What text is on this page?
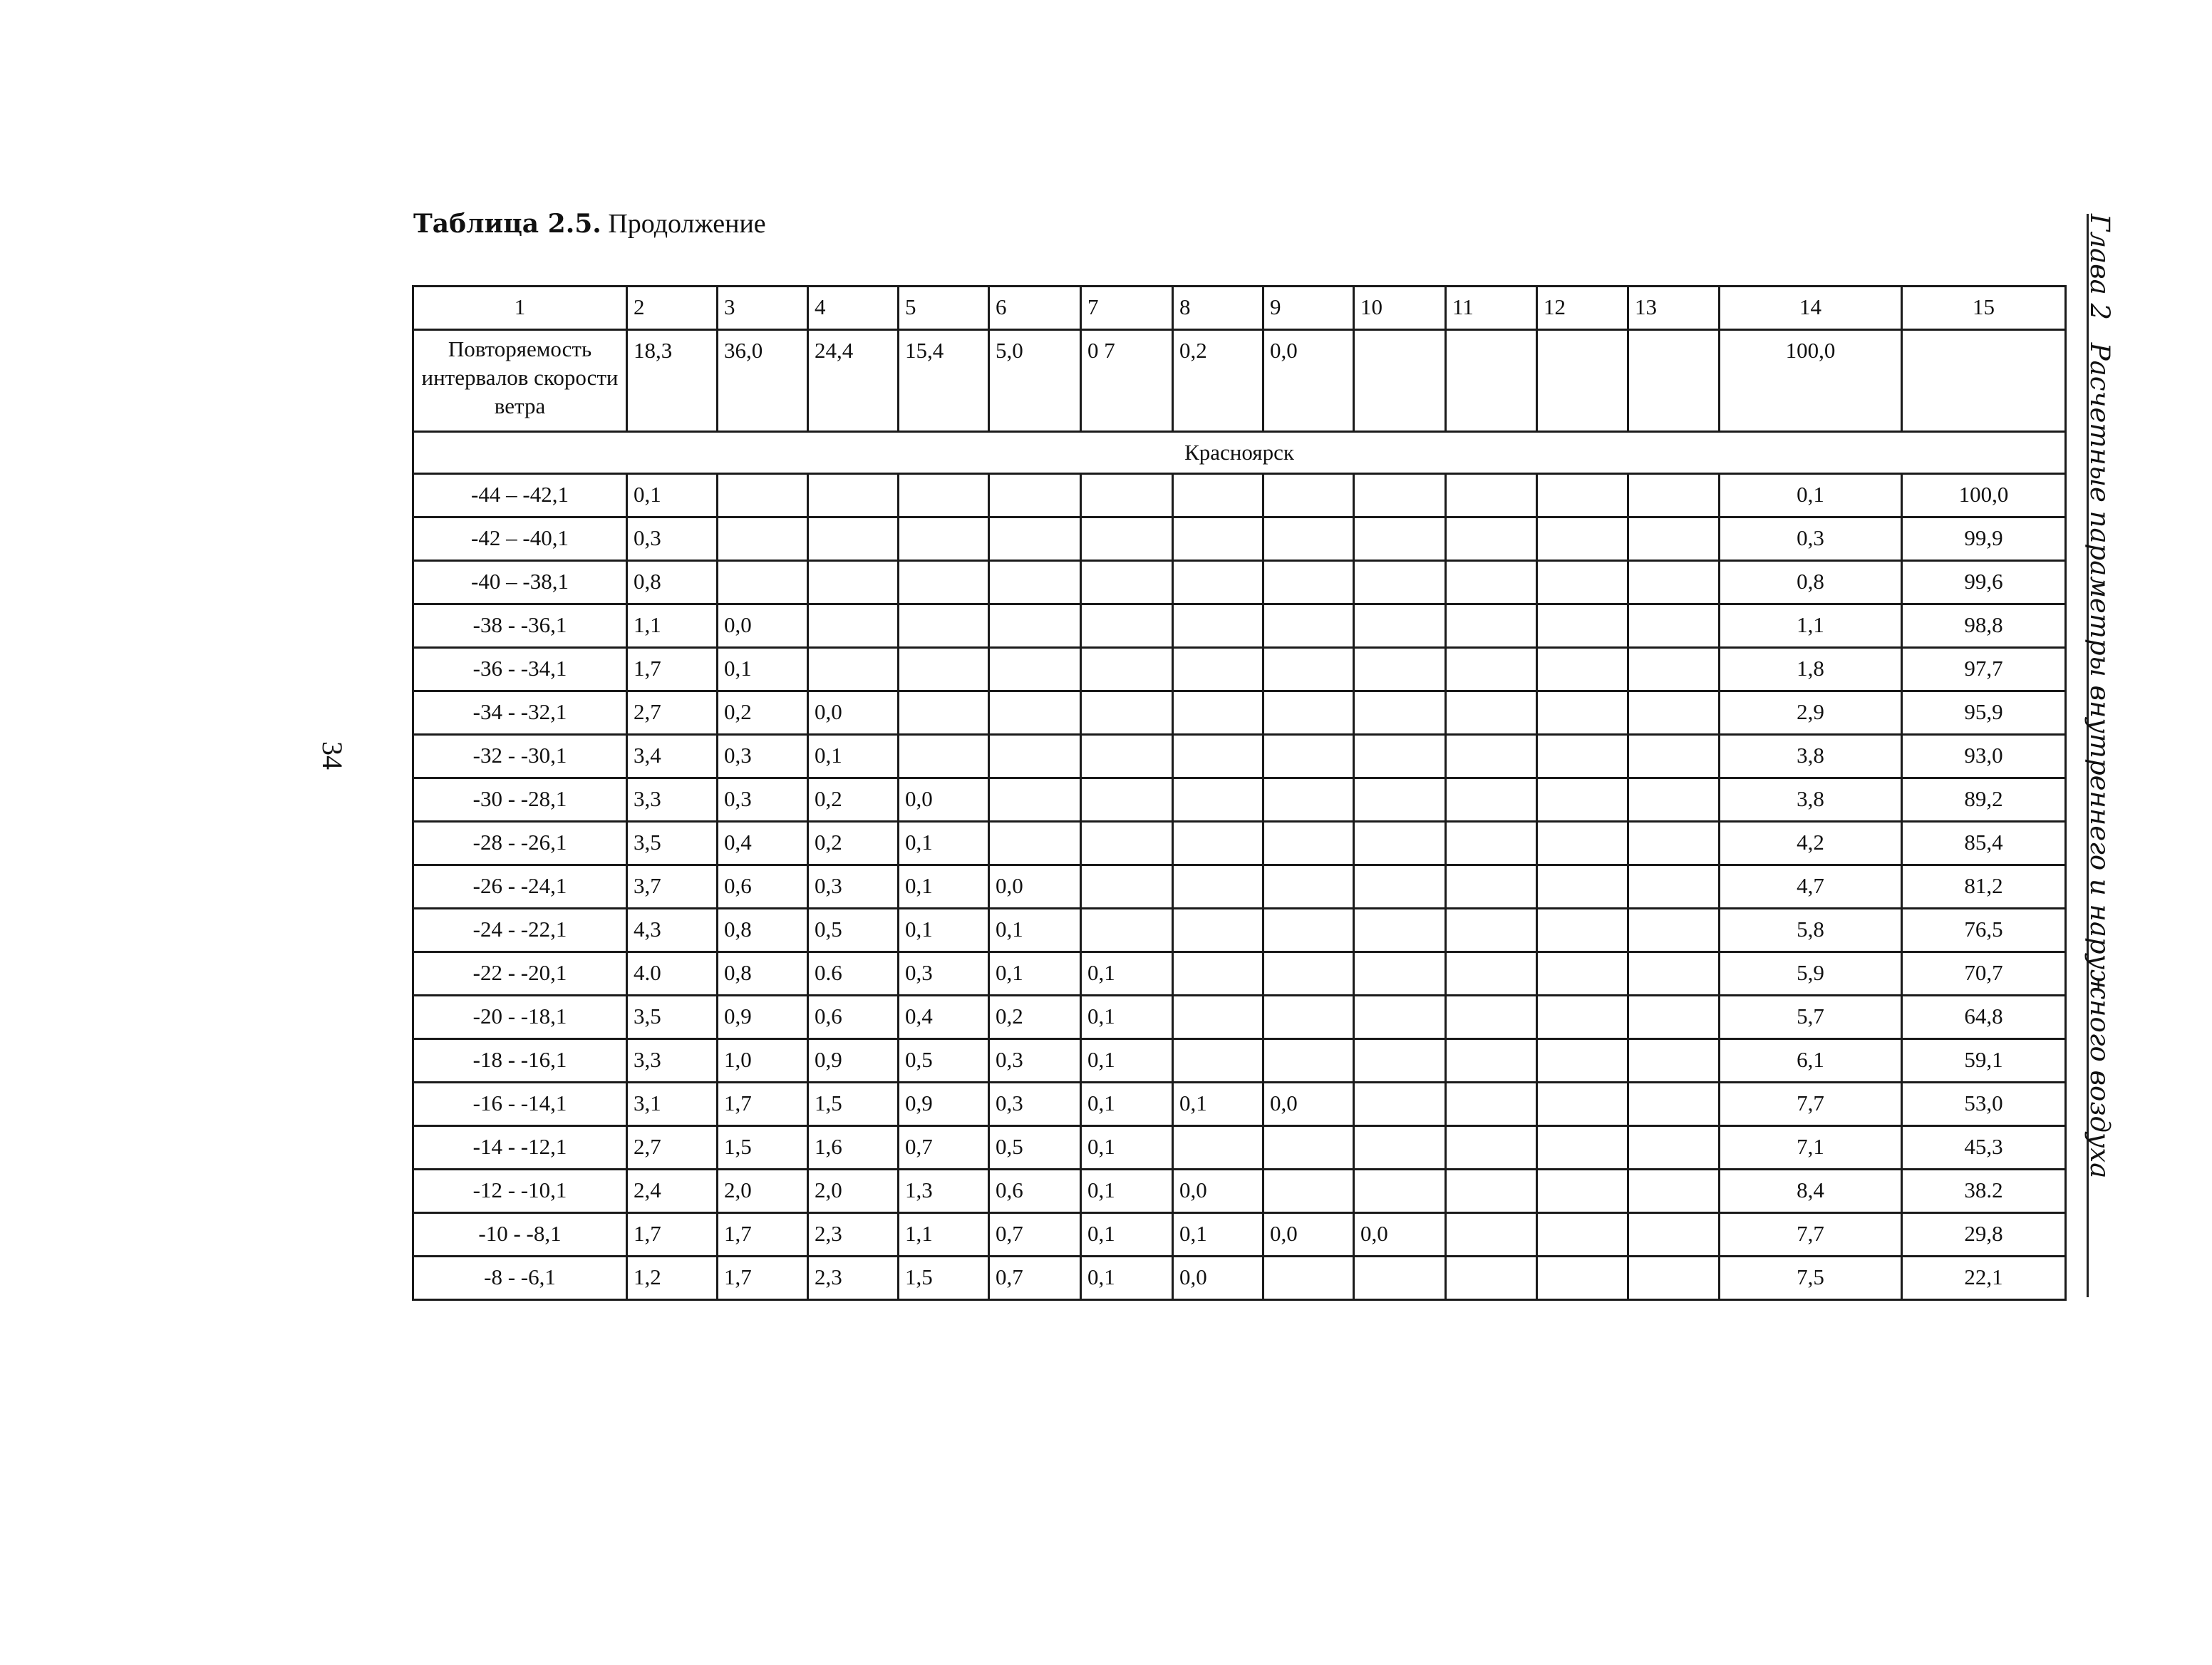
Таблица 2.5. Продолжение
34
Глава 2 Расчетные параметры внутреннего и наружного воздуха
1	2	3	4	5	6	7	8	9	10	11	12	13	14	15
Повторяемость интервалов скорости ветра	18,3	36,0	24,4	15,4	5,0	0 7	0,2	0,0					100,0	
Красноярск														
-44 – -42,1	0,1												0,1	100,0
-42 – -40,1	0,3												0,3	99,9
-40 – -38,1	0,8												0,8	99,6
-38 - -36,1	1,1	0,0											1,1	98,8
-36 - -34,1	1,7	0,1											1,8	97,7
-34 - -32,1	2,7	0,2	0,0										2,9	95,9
-32 - -30,1	3,4	0,3	0,1										3,8	93,0
-30 - -28,1	3,3	0,3	0,2	0,0									3,8	89,2
-28 - -26,1	3,5	0,4	0,2	0,1									4,2	85,4
-26 - -24,1	3,7	0,6	0,3	0,1	0,0								4,7	81,2
-24 - -22,1	4,3	0,8	0,5	0,1	0,1								5,8	76,5
-22 - -20,1	4.0	0,8	0.6	0,3	0,1	0,1							5,9	70,7
-20 - -18,1	3,5	0,9	0,6	0,4	0,2	0,1							5,7	64,8
-18 - -16,1	3,3	1,0	0,9	0,5	0,3	0,1							6,1	59,1
-16 - -14,1	3,1	1,7	1,5	0,9	0,3	0,1	0,1	0,0					7,7	53,0
-14 - -12,1	2,7	1,5	1,6	0,7	0,5	0,1							7,1	45,3
-12 - -10,1	2,4	2,0	2,0	1,3	0,6	0,1	0,0						8,4	38.2
-10 - -8,1	1,7	1,7	2,3	1,1	0,7	0,1	0,1	0,0	0,0				7,7	29,8
-8 - -6,1	1,2	1,7	2,3	1,5	0,7	0,1	0,0						7,5	22,1
